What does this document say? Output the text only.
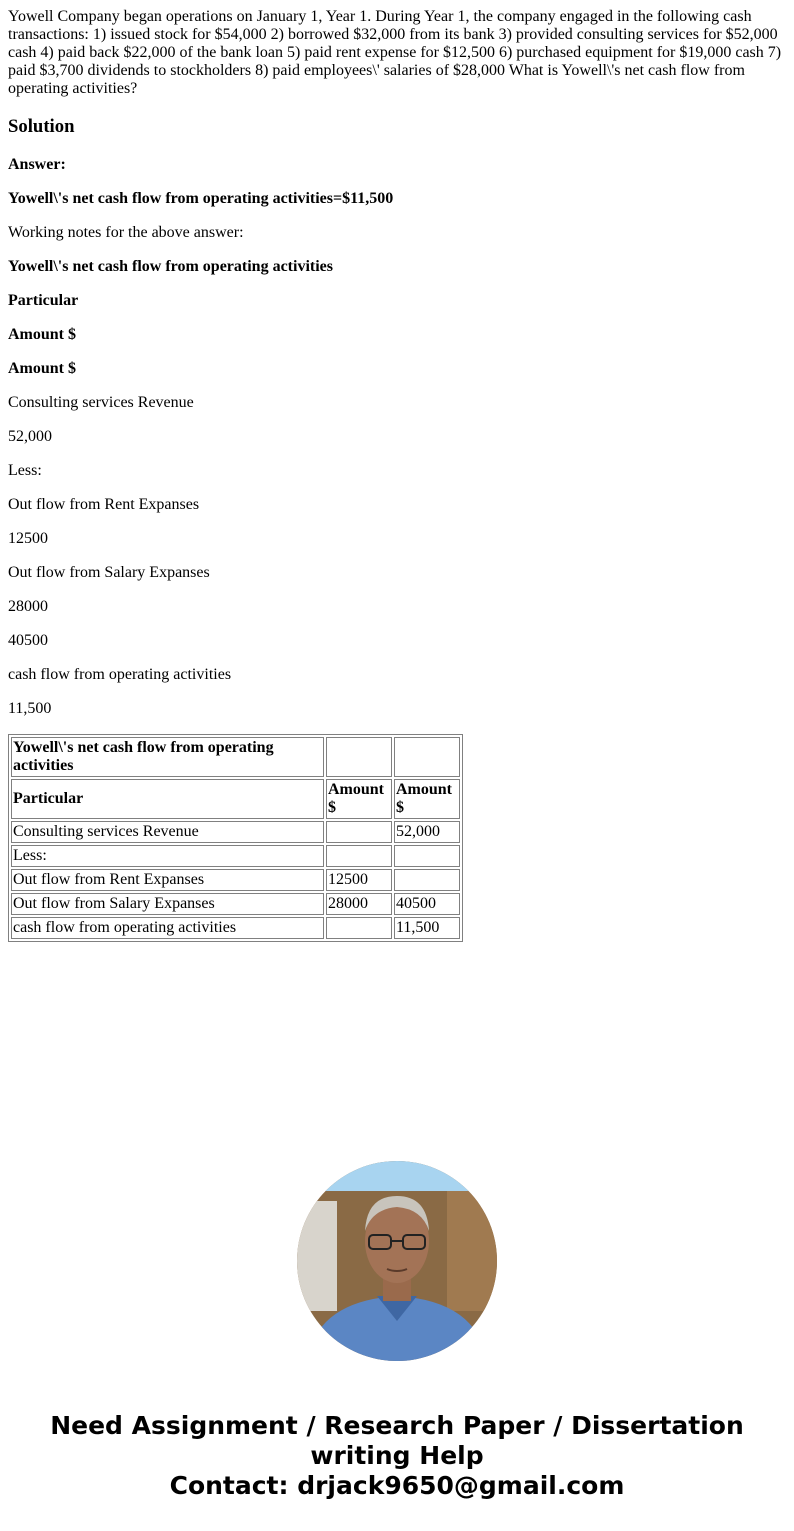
Yowell Company began operations on January 1, Year 1. During Year 1, the company engaged in the following cash transactions: 1) issued stock for $54,000 2) borrowed $32,000 from its bank 3) provided consulting services for $52,000 cash 4) paid back $22,000 of the bank loan 5) paid rent expense for $12,500 6) purchased equipment for $19,000 cash 7) paid $3,700 dividends to stockholders 8) paid employees\' salaries of $28,000 What is Yowell\'s net cash flow from operating activities?

Solution

Answer:

Yowell\'s net cash flow from operating activities=$11,500

Working notes for the above answer:

Yowell\'s net cash flow from operating activities

Particular

Amount $

Amount $

Consulting services Revenue

52,000

Less:

Out flow from Rent Expanses

12500

Out flow from Salary Expanses

28000

40500

cash flow from operating activities

11,500

Yowell\'s net cash flow from operating activities		
Particular	Amount $	Amount $
Consulting services Revenue		52,000
Less:		
Out flow from Rent Expanses	12500	
Out flow from Salary Expanses	28000	40500
cash flow from operating activities		11,500
Need Assignment / Research Paper / Dissertation
writing Help
Contact: drjack9650@gmail.com
